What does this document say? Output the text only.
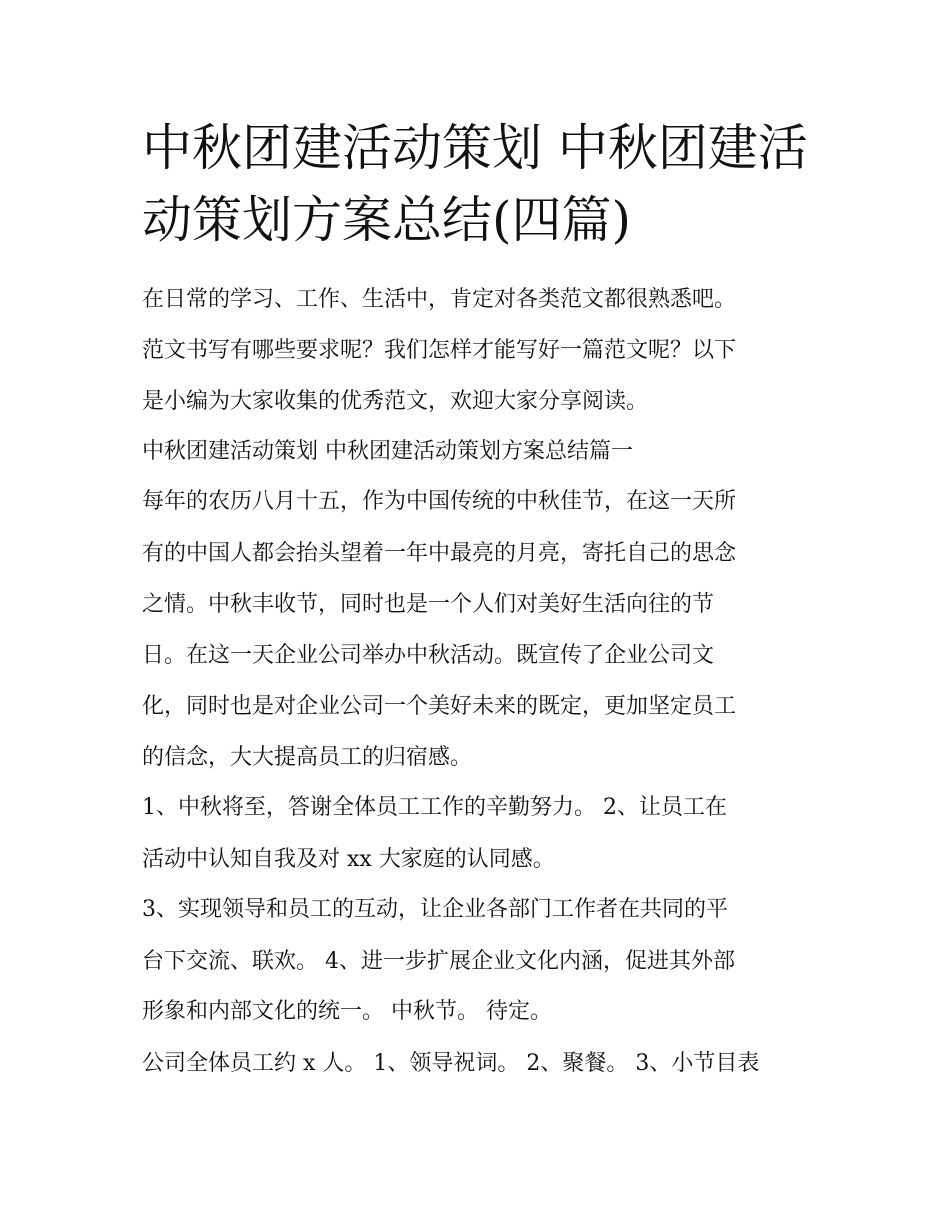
中秋团建活动策划 中秋团建活
动策划方案总结(四篇)

在日常的学习、工作、生活中，肯定对各类范文都很熟悉吧。

范文书写有哪些要求呢？我们怎样才能写好一篇范文呢？以下

是小编为大家收集的优秀范文，欢迎大家分享阅读。

中秋团建活动策划 中秋团建活动策划方案总结篇一

每年的农历八月十五，作为中国传统的中秋佳节，在这一天所

有的中国人都会抬头望着一年中最亮的月亮，寄托自己的思念

之情。中秋丰收节，同时也是一个人们对美好生活向往的节

日。在这一天企业公司举办中秋活动。既宣传了企业公司文

化，同时也是对企业公司一个美好未来的既定，更加坚定员工

的信念，大大提高员工的归宿感。

1、中秋将至，答谢全体员工工作的辛勤努力。 2、让员工在

活动中认知自我及对 xx 大家庭的认同感。

3、实现领导和员工的互动，让企业各部门工作者在共同的平

台下交流、联欢。 4、进一步扩展企业文化内涵，促进其外部

形象和内部文化的统一。 中秋节。 待定。

公司全体员工约 x 人。 1、领导祝词。 2、聚餐。 3、小节目表
